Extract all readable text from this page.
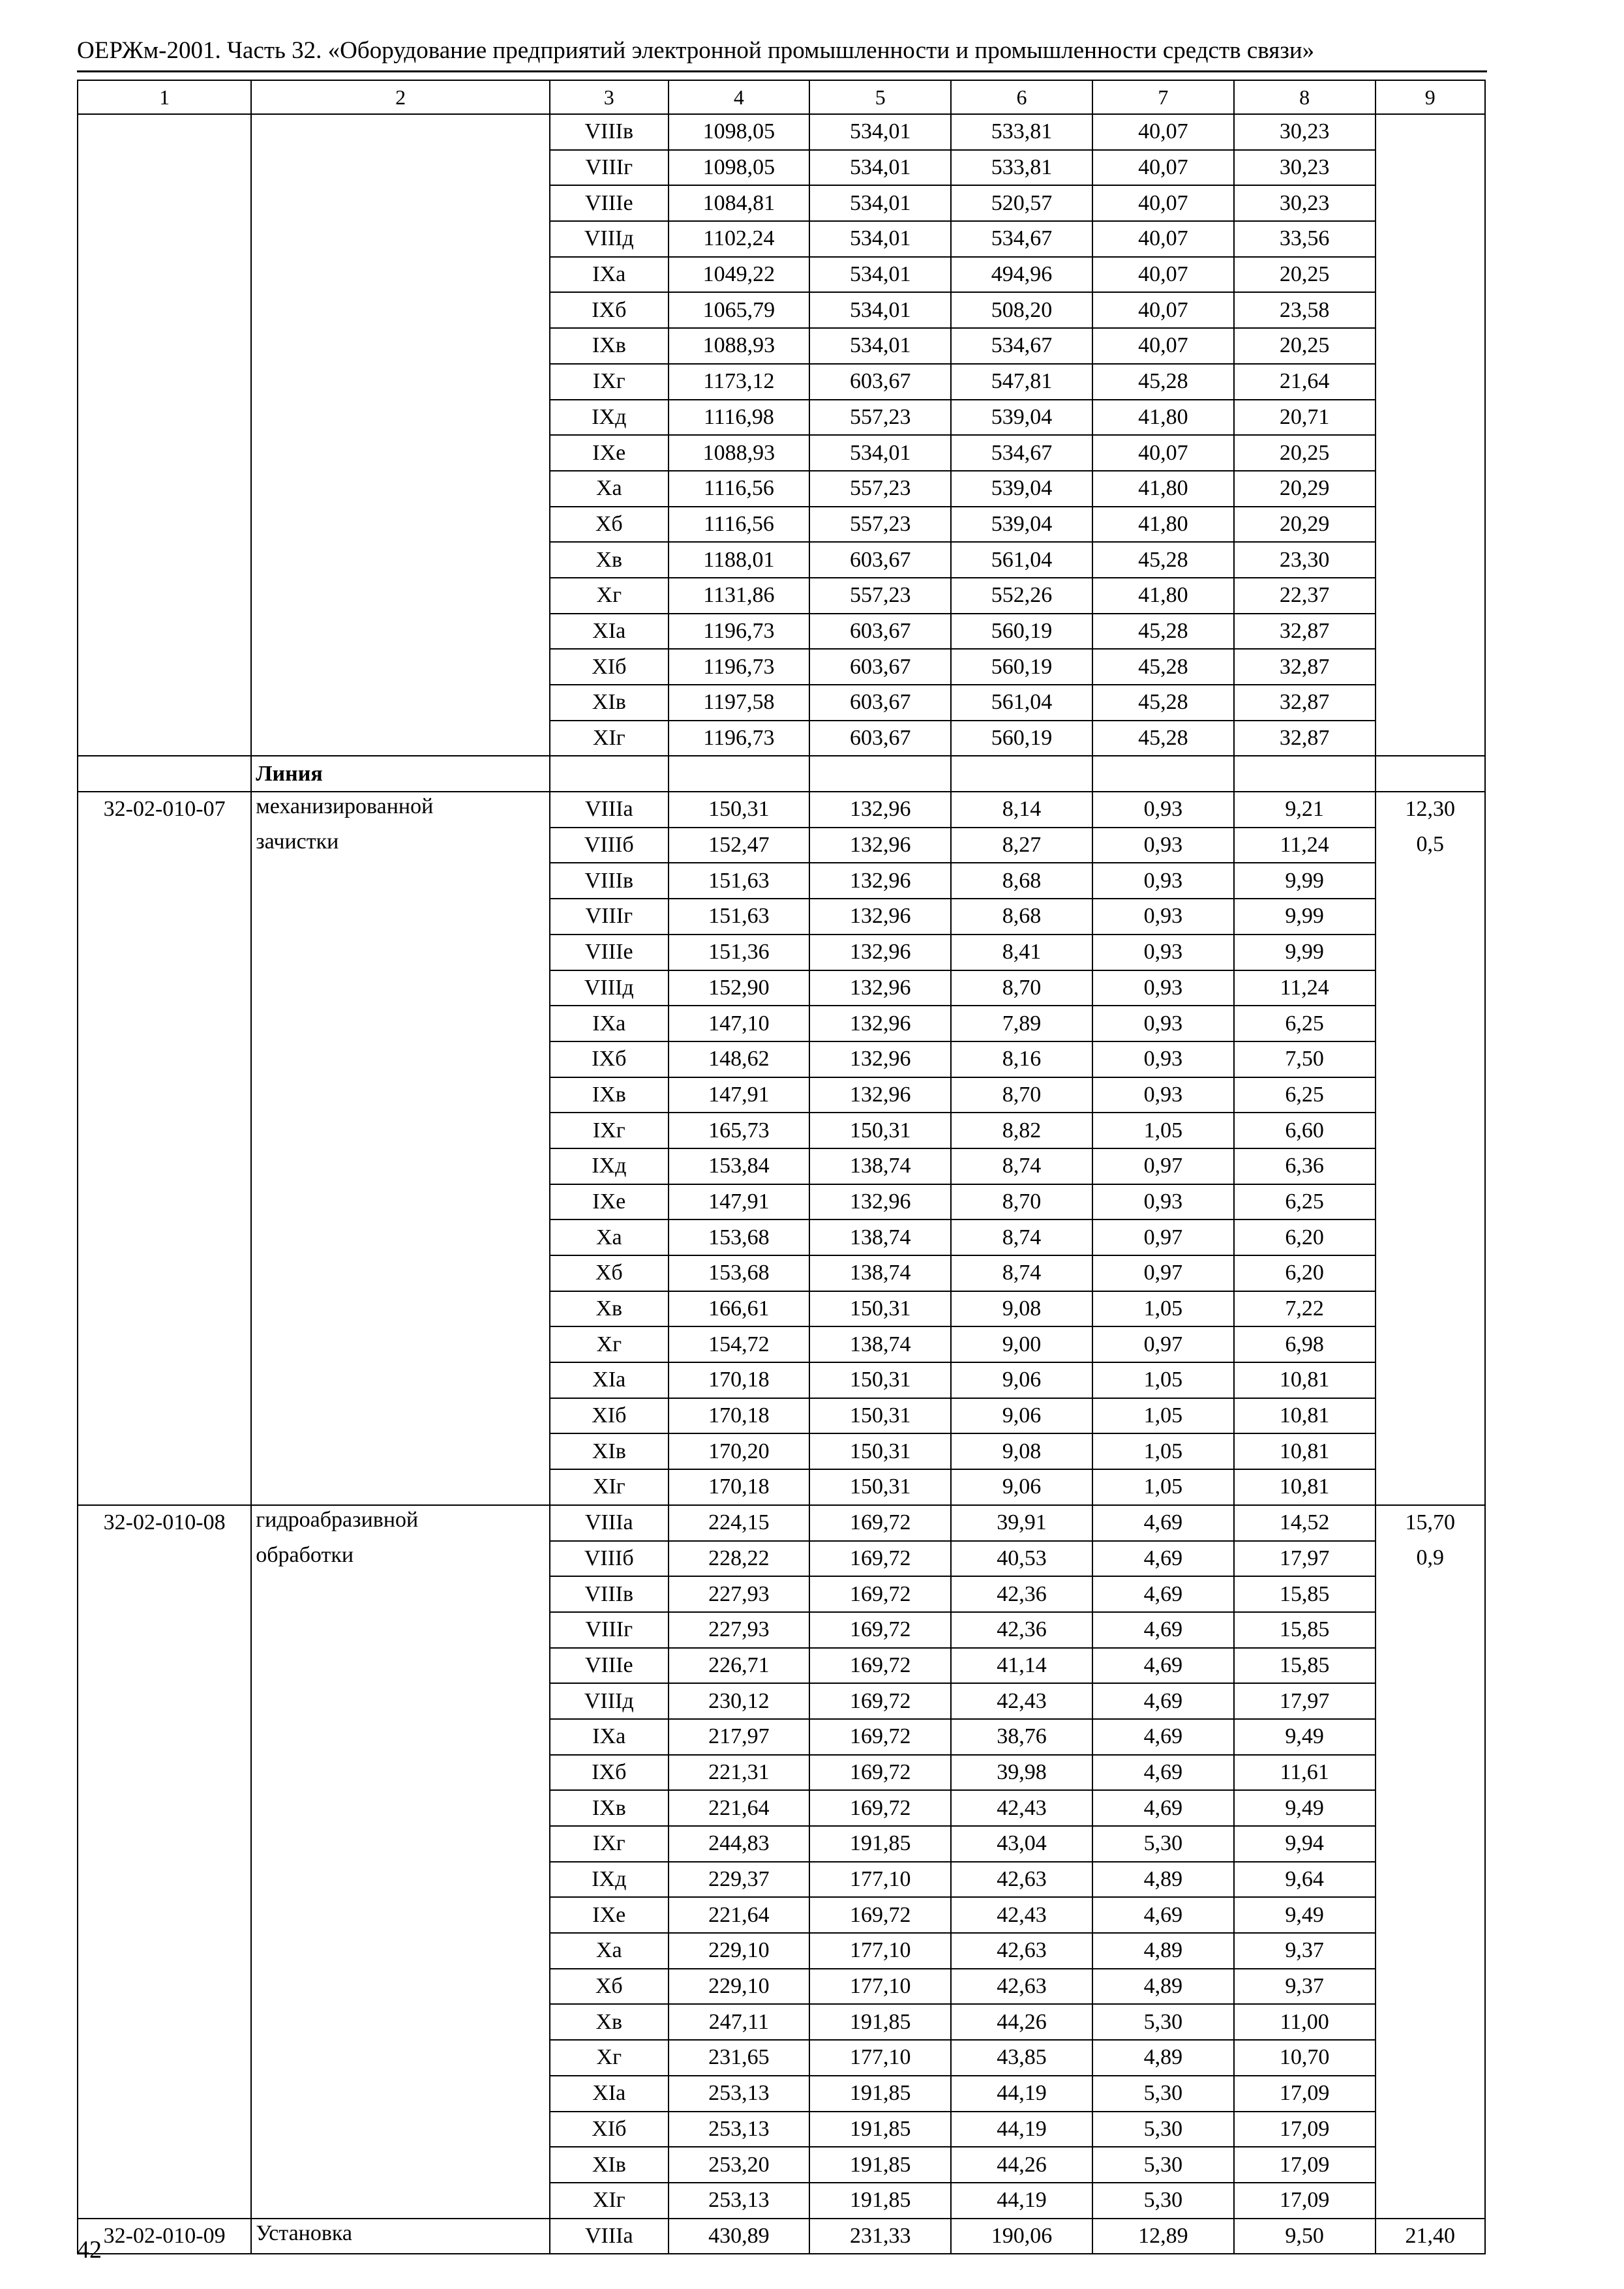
ОЕРЖм-2001. Часть 32. «Оборудование предприятий электронной промышленности и промышленности средств связи»
1	2	3	4	5	6	7	8	9
		VIIIв	1098,05	534,01	533,81	40,07	30,23	
		VIIIг	1098,05	534,01	533,81	40,07	30,23	
		VIIIе	1084,81	534,01	520,57	40,07	30,23	
		VIIIд	1102,24	534,01	534,67	40,07	33,56	
		IXa	1049,22	534,01	494,96	40,07	20,25	
		IXб	1065,79	534,01	508,20	40,07	23,58	
		IXв	1088,93	534,01	534,67	40,07	20,25	
		IXг	1173,12	603,67	547,81	45,28	21,64	
		IXд	1116,98	557,23	539,04	41,80	20,71	
		IXе	1088,93	534,01	534,67	40,07	20,25	
		Xa	1116,56	557,23	539,04	41,80	20,29	
		Xб	1116,56	557,23	539,04	41,80	20,29	
		Xв	1188,01	603,67	561,04	45,28	23,30	
		Xг	1131,86	557,23	552,26	41,80	22,37	
		XIa	1196,73	603,67	560,19	45,28	32,87	
		XIб	1196,73	603,67	560,19	45,28	32,87	
		XIв	1197,58	603,67	561,04	45,28	32,87	
		XIг	1196,73	603,67	560,19	45,28	32,87	
	Линия							
32-02-010-07	механизированной	VIIIa	150,31	132,96	8,14	0,93	9,21	12,30
	зачистки	VIIIб	152,47	132,96	8,27	0,93	11,24	0,5
		VIIIв	151,63	132,96	8,68	0,93	9,99	
		VIIIг	151,63	132,96	8,68	0,93	9,99	
		VIIIе	151,36	132,96	8,41	0,93	9,99	
		VIIIд	152,90	132,96	8,70	0,93	11,24	
		IXa	147,10	132,96	7,89	0,93	6,25	
		IXб	148,62	132,96	8,16	0,93	7,50	
		IXв	147,91	132,96	8,70	0,93	6,25	
		IXг	165,73	150,31	8,82	1,05	6,60	
		IXд	153,84	138,74	8,74	0,97	6,36	
		IXе	147,91	132,96	8,70	0,93	6,25	
		Xa	153,68	138,74	8,74	0,97	6,20	
		Xб	153,68	138,74	8,74	0,97	6,20	
		Xв	166,61	150,31	9,08	1,05	7,22	
		Xг	154,72	138,74	9,00	0,97	6,98	
		XIa	170,18	150,31	9,06	1,05	10,81	
		XIб	170,18	150,31	9,06	1,05	10,81	
		XIв	170,20	150,31	9,08	1,05	10,81	
		XIг	170,18	150,31	9,06	1,05	10,81	
32-02-010-08	гидроабразивной	VIIIa	224,15	169,72	39,91	4,69	14,52	15,70
	обработки	VIIIб	228,22	169,72	40,53	4,69	17,97	0,9
		VIIIв	227,93	169,72	42,36	4,69	15,85	
		VIIIг	227,93	169,72	42,36	4,69	15,85	
		VIIIе	226,71	169,72	41,14	4,69	15,85	
		VIIIд	230,12	169,72	42,43	4,69	17,97	
		IXa	217,97	169,72	38,76	4,69	9,49	
		IXб	221,31	169,72	39,98	4,69	11,61	
		IXв	221,64	169,72	42,43	4,69	9,49	
		IXг	244,83	191,85	43,04	5,30	9,94	
		IXд	229,37	177,10	42,63	4,89	9,64	
		IXе	221,64	169,72	42,43	4,69	9,49	
		Xa	229,10	177,10	42,63	4,89	9,37	
		Xб	229,10	177,10	42,63	4,89	9,37	
		Xв	247,11	191,85	44,26	5,30	11,00	
		Xг	231,65	177,10	43,85	4,89	10,70	
		XIa	253,13	191,85	44,19	5,30	17,09	
		XIб	253,13	191,85	44,19	5,30	17,09	
		XIв	253,20	191,85	44,26	5,30	17,09	
		XIг	253,13	191,85	44,19	5,30	17,09	
32-02-010-09	Установка	VIIIa	430,89	231,33	190,06	12,89	9,50	21,40
42
